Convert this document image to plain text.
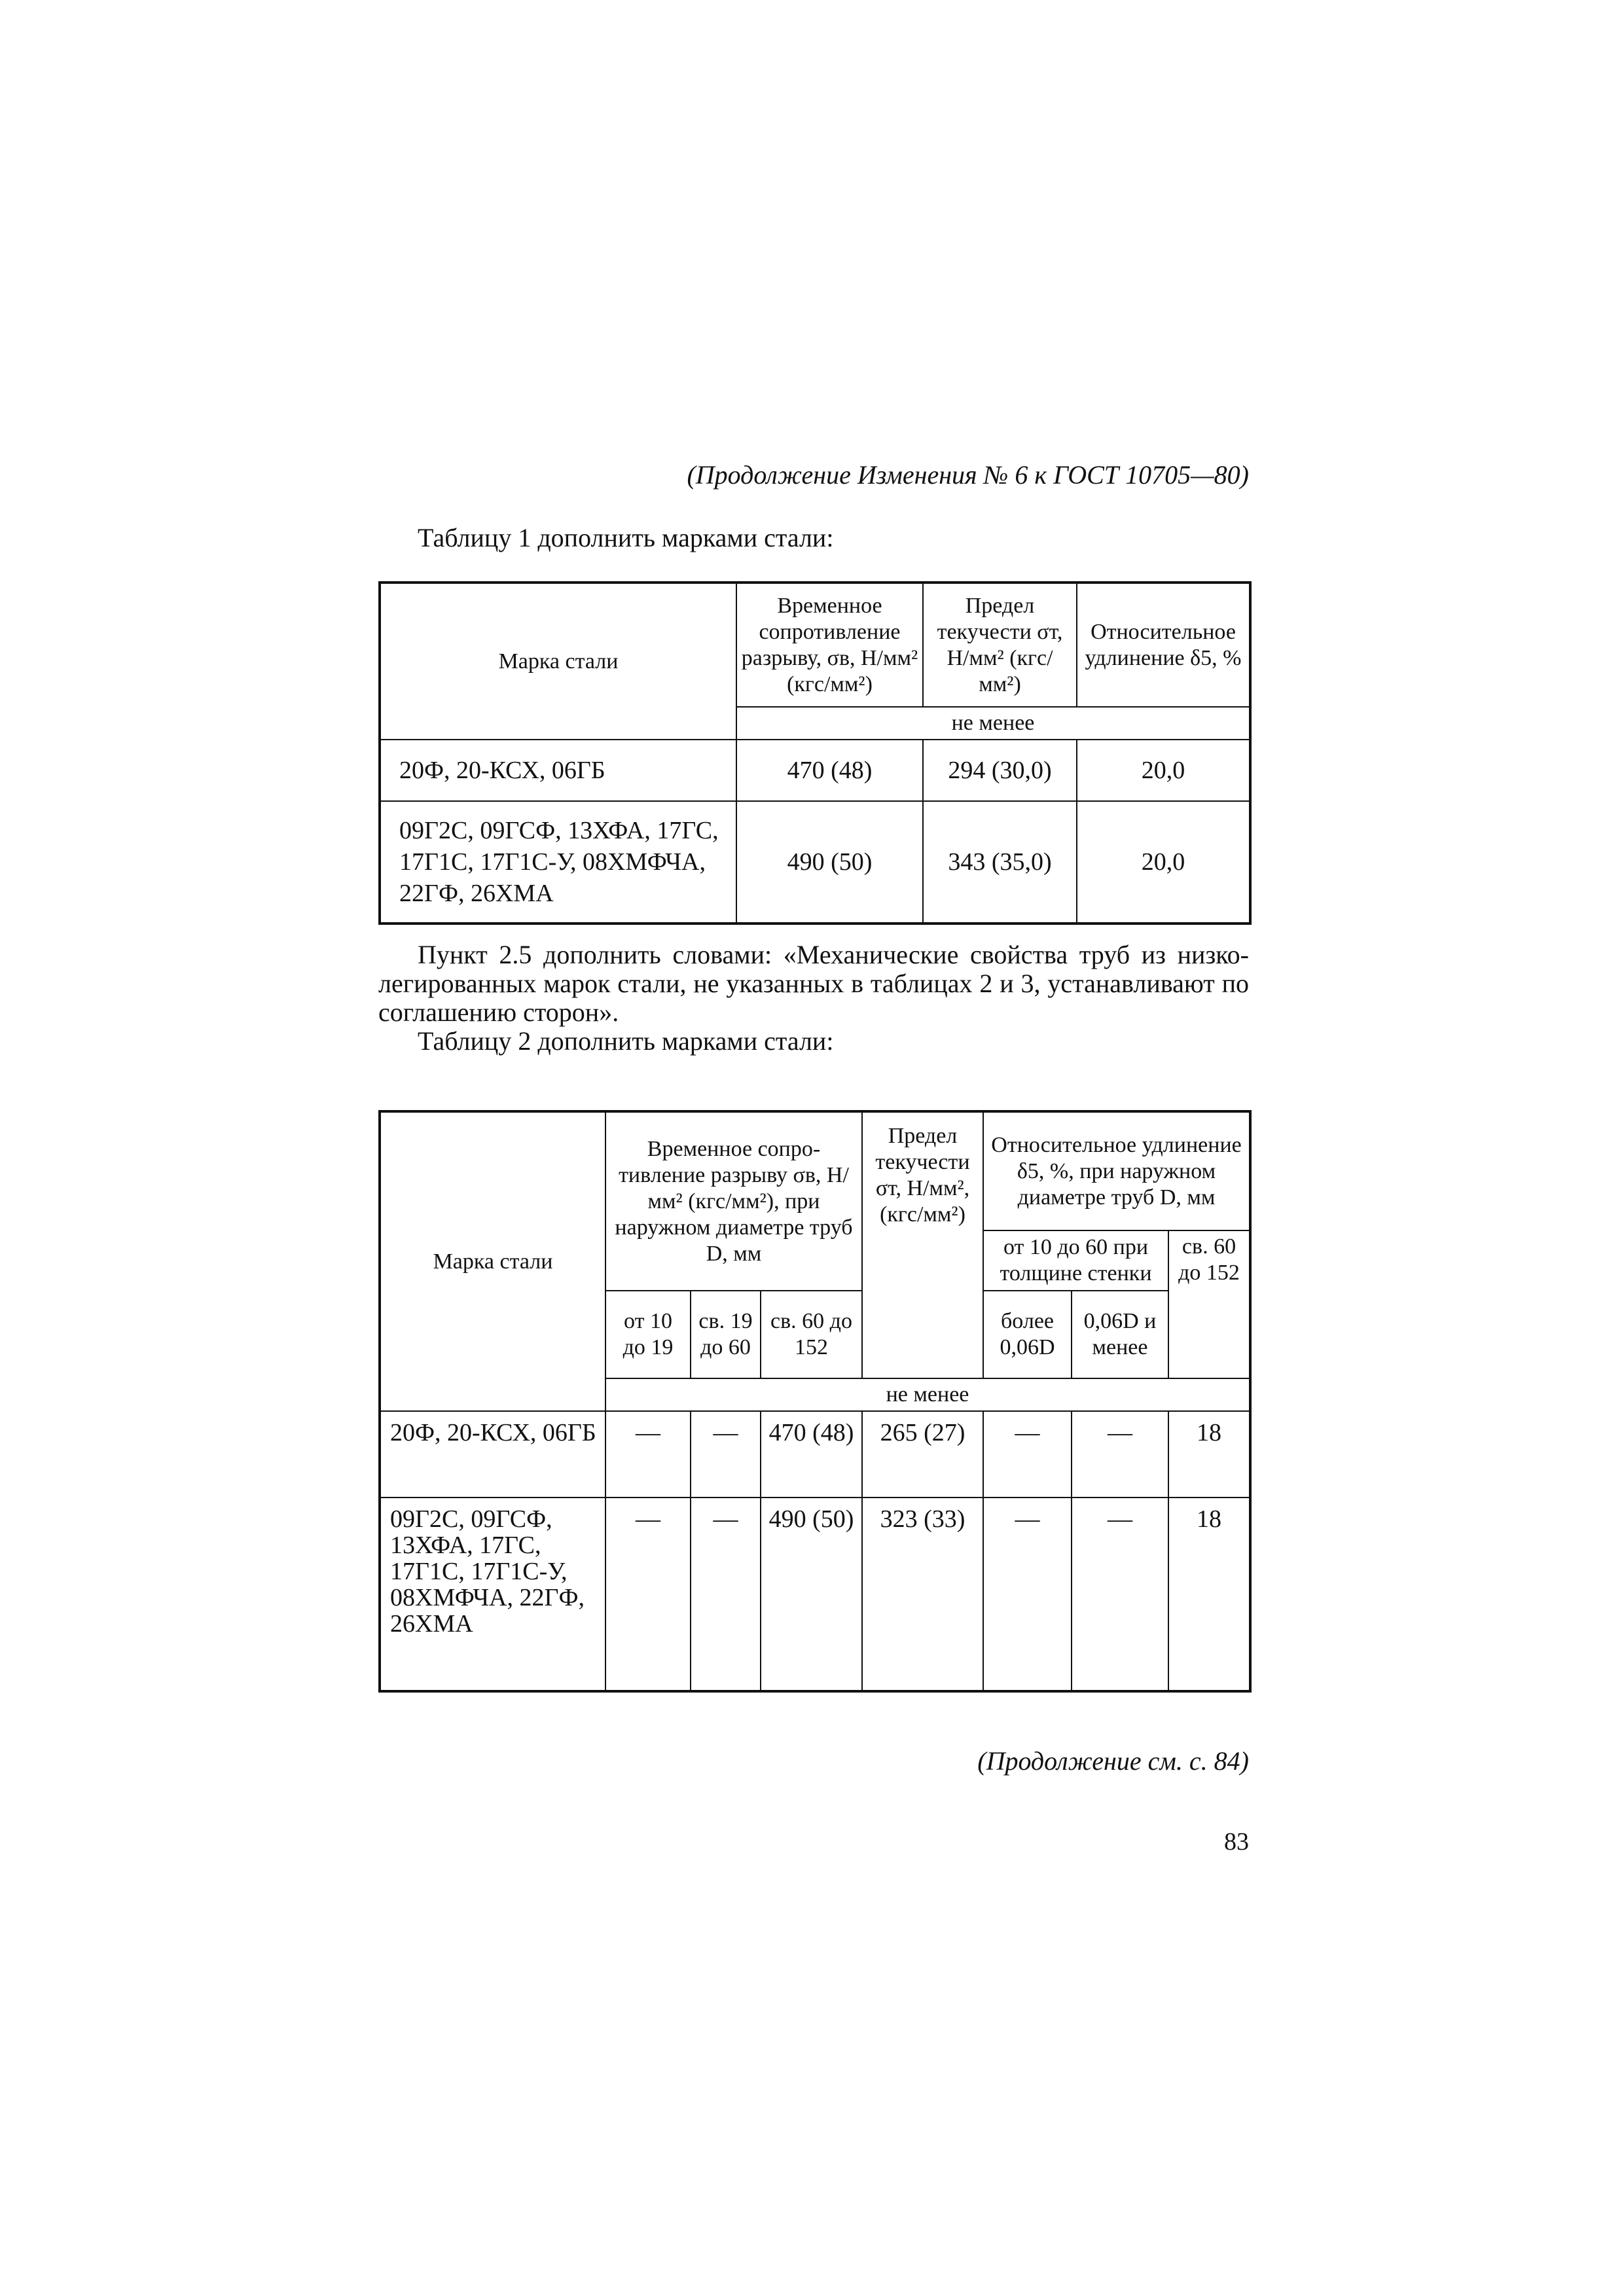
(Продолжение Изменения № 6 к ГОСТ 10705—80)

Таблицу 1 дополнить марками стали:

Марка стали	Временное сопротивление разрыву, σв, Н/мм² (кгс/мм²)	Предел текучести σт, Н/мм² (кгс/мм²)	Относительное удлинение δ5, %
	не менее		
20Ф, 20-КСХ, 06ГБ	470 (48)	294 (30,0)	20,0
09Г2С, 09ГСФ, 13ХФА, 17ГС, 17Г1С, 17Г1С-У, 08ХМФЧА, 22ГФ, 26ХМА	490 (50)	343 (35,0)	20,0

Пункт 2.5 дополнить словами: «Механические свойства труб из низколегированных марок стали, не указанных в таблицах 2 и 3, устанавливают по соглашению сторон».

Таблицу 2 дополнить марками стали:

Марка стали	Временное сопротивление разрыву σв, Н/мм² (кгс/мм²), при наружном диаметре труб D, мм			Предел текучести σт, Н/мм², (кгс/мм²)	Относительное удлинение δ5, %, при наружном диаметре труб D, мм		
					от 10 до 60 при толщине стенки		св. 60 до 152
	от 10 до 19	св. 19 до 60	св. 60 до 152		более 0,06D	0,06D и менее	
	не менее						
20Ф, 20-КСХ, 06ГБ	—	—	470 (48)	265 (27)	—	—	18
09Г2С, 09ГСФ, 13ХФА, 17ГС, 17Г1С, 17Г1С-У, 08ХМФЧА, 22ГФ, 26ХМА	—	—	490 (50)	323 (33)	—	—	18

(Продолжение см. с. 84)

83
